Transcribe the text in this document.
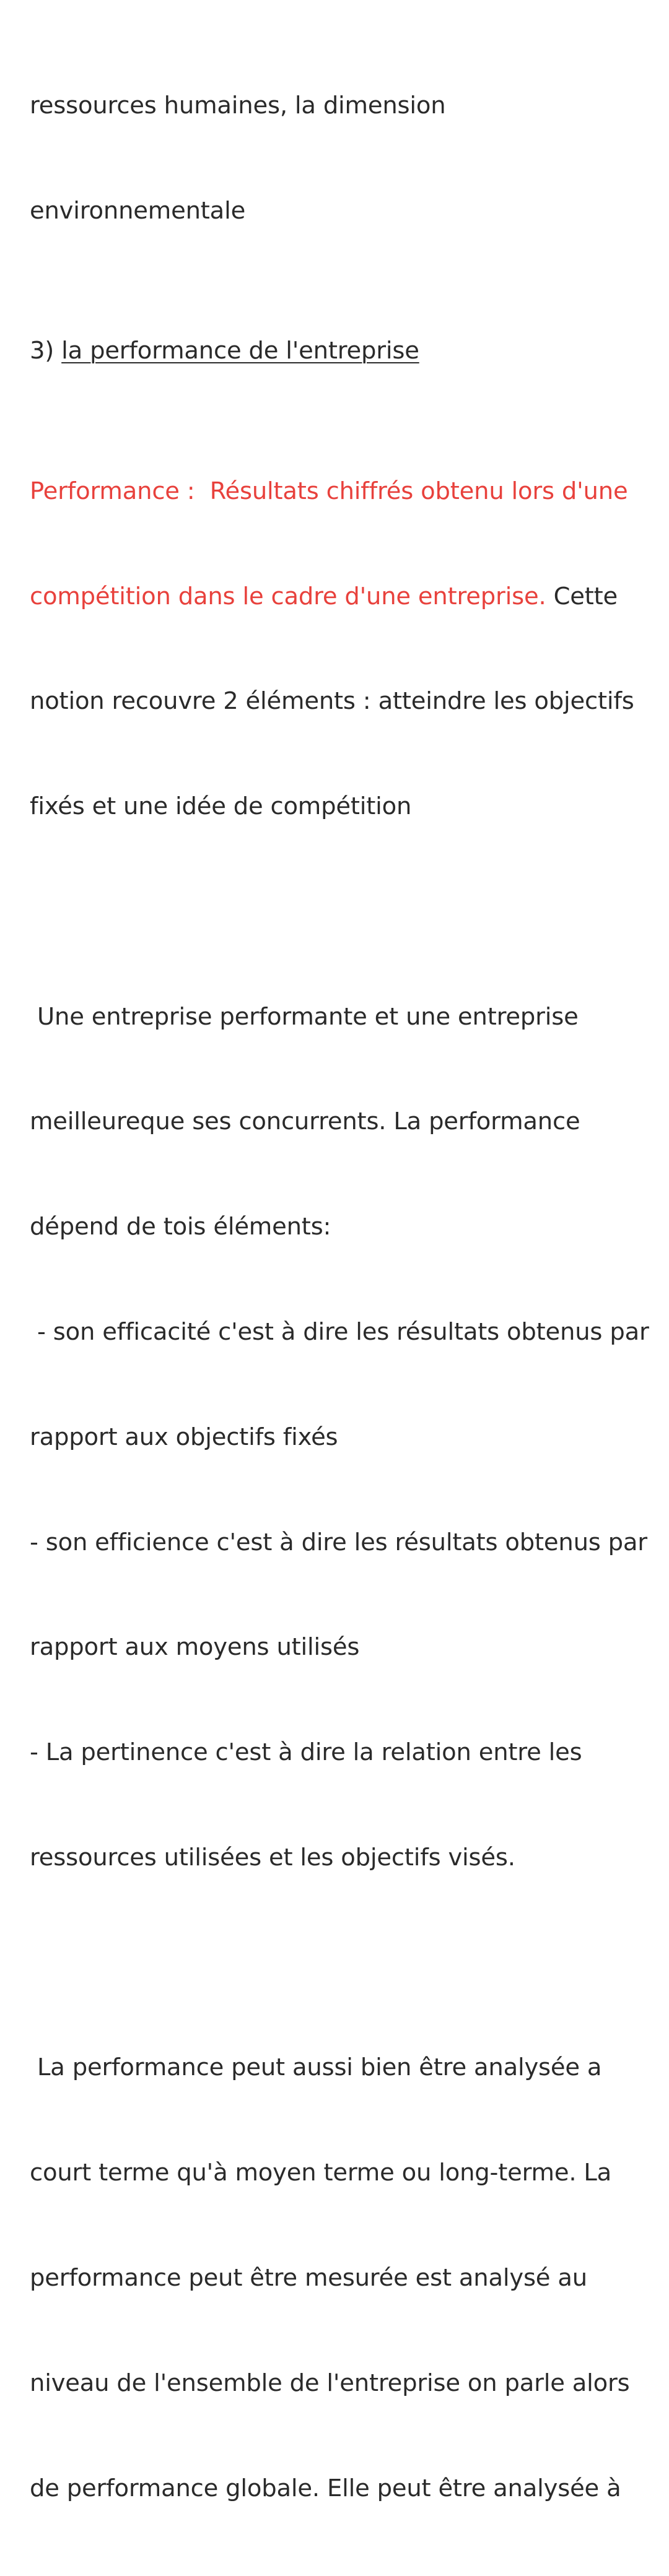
ressources humaines, la dimension

environnementale

3) la performance de l'entreprise

Performance :  Résultats chiffrés obtenu lors d'une

compétition dans le cadre d'une entreprise. Cette

notion recouvre 2 éléments : atteindre les objectifs

fixés et une idée de compétition

Une entreprise performante et une entreprise

meilleureque ses concurrents. La performance

dépend de tois éléments:

- son efficacité c'est à dire les résultats obtenus par

rapport aux objectifs fixés

- son efficience c'est à dire les résultats obtenus par

rapport aux moyens utilisés

- La pertinence c'est à dire la relation entre les

ressources utilisées et les objectifs visés.

La performance peut aussi bien être analysée a

court terme qu'à moyen terme ou long-terme. La

performance peut être mesurée est analysé au

niveau de l'ensemble de l'entreprise on parle alors

de performance globale. Elle peut être analysée à
